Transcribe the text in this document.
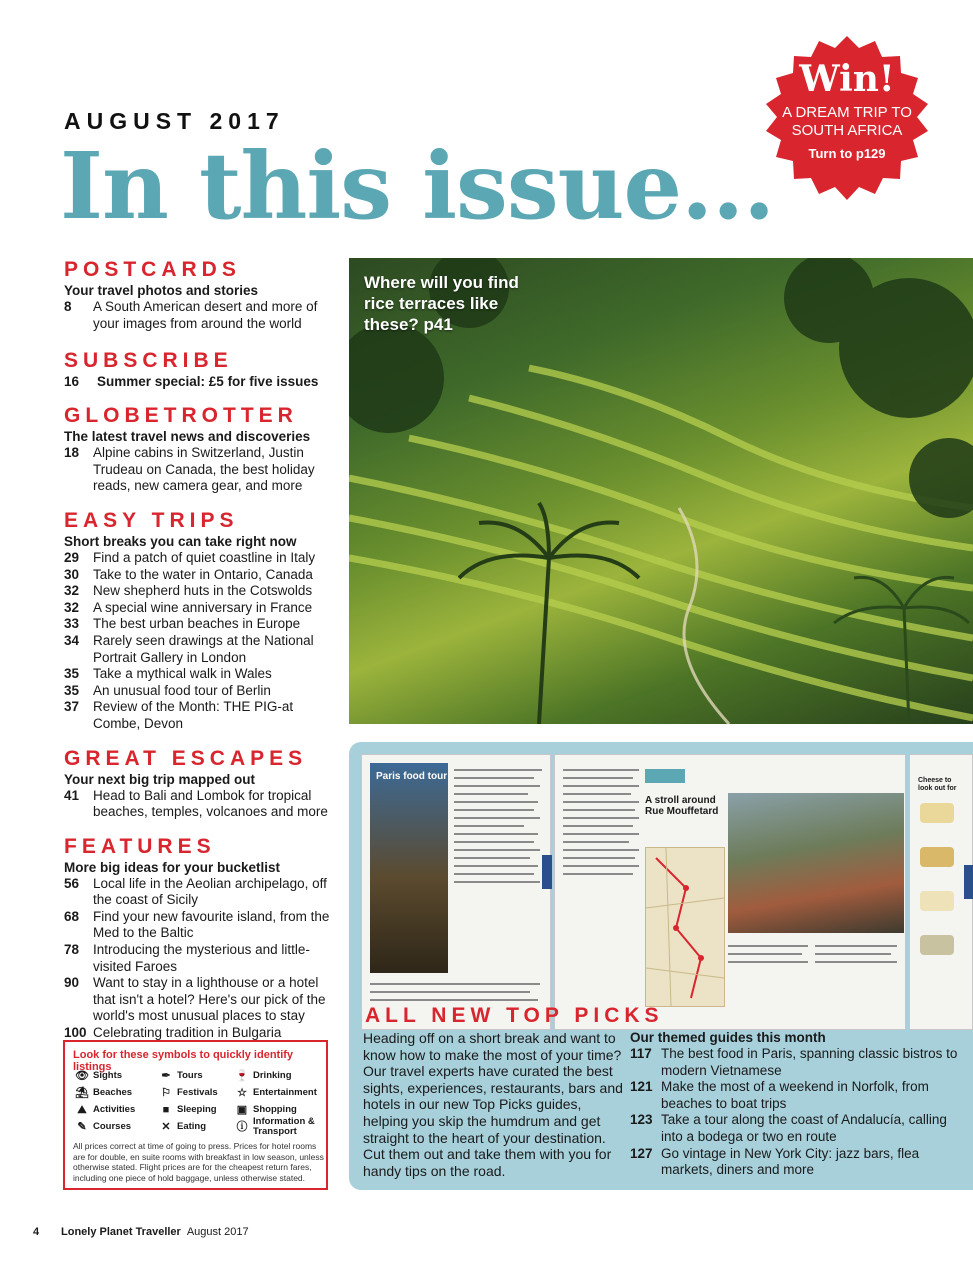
AUGUST 2017
In this issue...
Win!
A DREAM TRIP TO
SOUTH AFRICA
Turn to p129
POSTCARDS
Your travel photos and stories
8	A South American desert and more of your images from around the world
SUBSCRIBE
16 Summer special: £5 for five issues
GLOBETROTTER
The latest travel news and discoveries
18	Alpine cabins in Switzerland, Justin Trudeau on Canada, the best holiday reads, new camera gear, and more
EASY TRIPS
Short breaks you can take right now
29	Find a patch of quiet coastline in Italy
30	Take to the water in Ontario, Canada
32	New shepherd huts in the Cotswolds
32	A special wine anniversary in France
33	The best urban beaches in Europe
34	Rarely seen drawings at the National Portrait Gallery in London
35	Take a mythical walk in Wales
35	An unusual food tour of Berlin
37	Review of the Month: THE PIG-at Combe, Devon
GREAT ESCAPES
Your next big trip mapped out
41	Head to Bali and Lombok for tropical beaches, temples, volcanoes and more
FEATURES
More big ideas for your bucketlist
56	Local life in the Aeolian archipelago, off the coast of Sicily
68	Find your new favourite island, from the Med to the Baltic
78	Introducing the mysterious and little-visited Faroes
90	Want to stay in a lighthouse or a hotel that isn't a hotel? Here's our pick of the world's most unusual places to stay
100 Celebrating tradition in Bulgaria
Where will you find rice terraces like these? p41
Paris food tour
A stroll around Rue Mouffetard
Cheese to look out for
ALL NEW TOP PICKS
Heading off on a short break and want to know how to make the most of your time? Our travel experts have curated the best sights, experiences, restaurants, bars and hotels in our new Top Picks guides, helping you skip the humdrum and get straight to the heart of your destination. Cut them out and take them with you for handy tips on the road.
Our themed guides this month
117 The best food in Paris, spanning classic bistros to modern Vietnamese
121 Make the most of a weekend in Norfolk, from beaches to boat trips
123 Take a tour along the coast of Andalucía, calling into a bodega or two en route
127 Go vintage in New York City: jazz bars, flea markets, diners and more
Look for these symbols to quickly identify listings
👁 Sights	✒ Tours	🍷 Drinking
⛱ Beaches	⚐ Festivals ☆ Entertainment
⛰ Activities	■ Sleeping ▣ Shopping
✎ Courses	✕ Eating	ⓘ Information & Transport
All prices correct at time of going to press. Prices for hotel rooms are for double, en suite rooms with breakfast in low season, unless otherwise stated. Flight prices are for the cheapest return fares, including one piece of hold baggage, unless otherwise stated.
4 Lonely Planet Traveller August 2017
